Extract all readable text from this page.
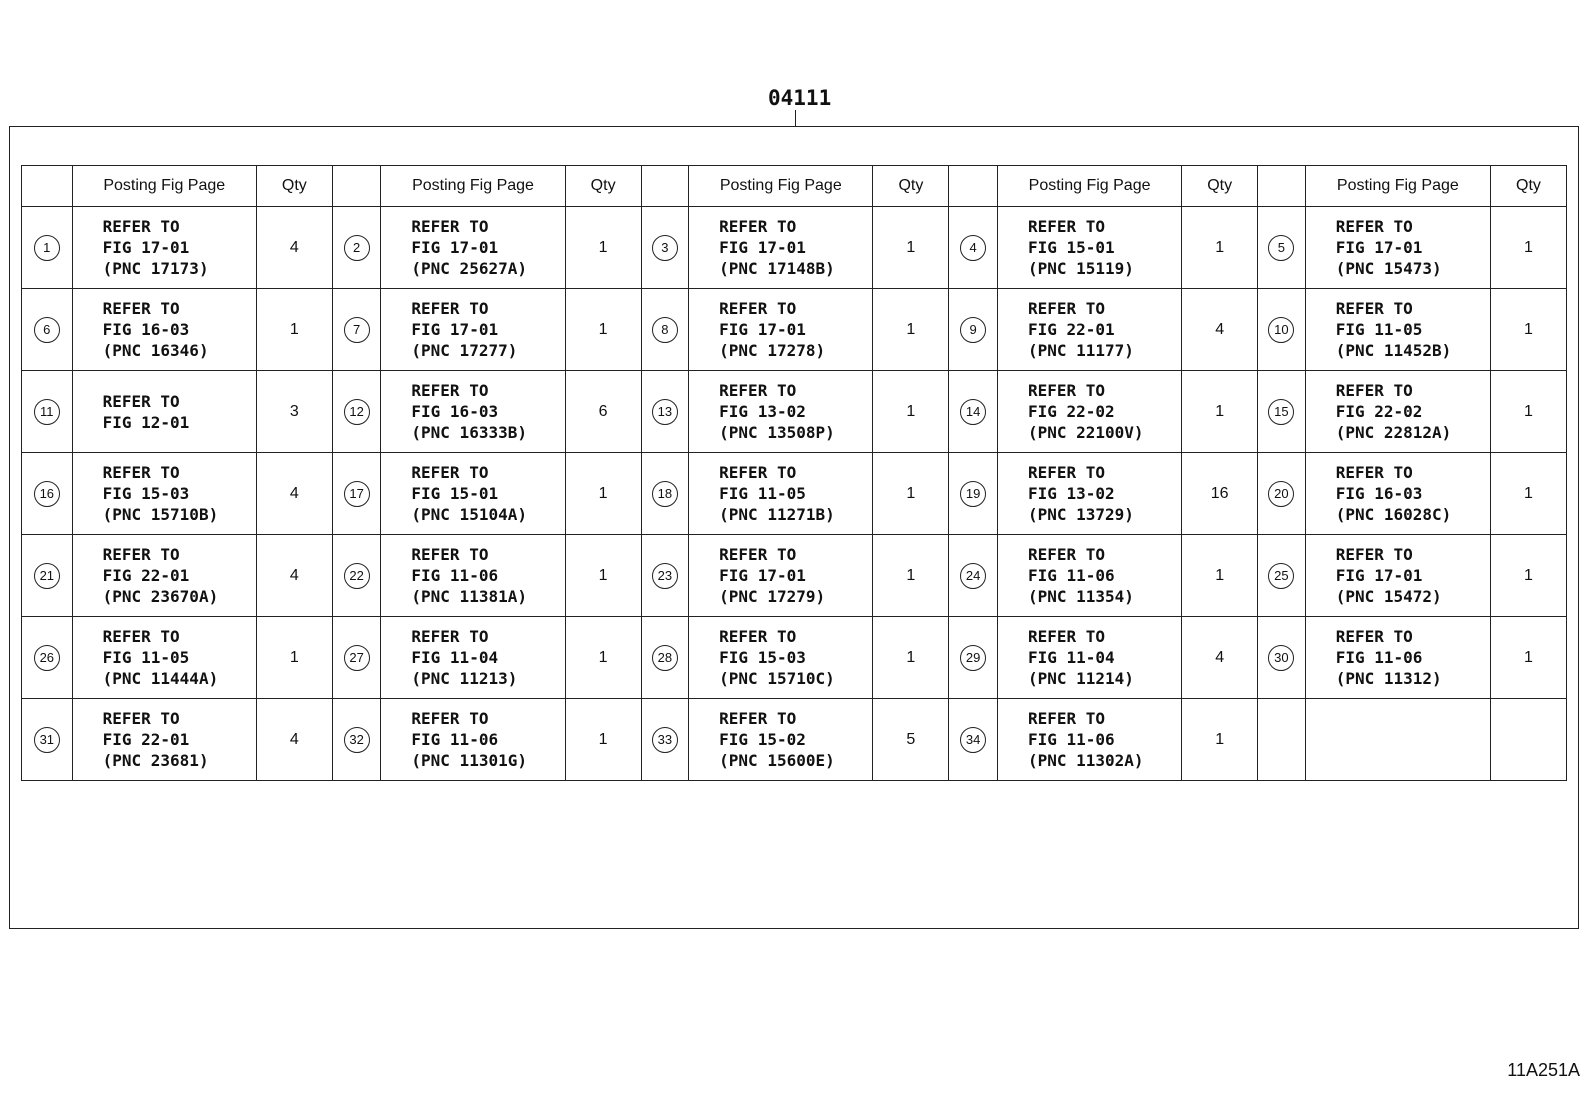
04111
	Posting Fig Page	Qty		Posting Fig Page	Qty		Posting Fig Page	Qty		Posting Fig Page	Qty		Posting Fig Page	Qty
1	REFER TO
FIG 17-01
(PNC 17173)	4	2	REFER TO
FIG 17-01
(PNC 25627A)	1	3	REFER TO
FIG 17-01
(PNC 17148B)	1	4	REFER TO
FIG 15-01
(PNC 15119)	1	5	REFER TO
FIG 17-01
(PNC 15473)	1
6	REFER TO
FIG 16-03
(PNC 16346)	1	7	REFER TO
FIG 17-01
(PNC 17277)	1	8	REFER TO
FIG 17-01
(PNC 17278)	1	9	REFER TO
FIG 22-01
(PNC 11177)	4	10	REFER TO
FIG 11-05
(PNC 11452B)	1
11	REFER TO
FIG 12-01	3	12	REFER TO
FIG 16-03
(PNC 16333B)	6	13	REFER TO
FIG 13-02
(PNC 13508P)	1	14	REFER TO
FIG 22-02
(PNC 22100V)	1	15	REFER TO
FIG 22-02
(PNC 22812A)	1
16	REFER TO
FIG 15-03
(PNC 15710B)	4	17	REFER TO
FIG 15-01
(PNC 15104A)	1	18	REFER TO
FIG 11-05
(PNC 11271B)	1	19	REFER TO
FIG 13-02
(PNC 13729)	16	20	REFER TO
FIG 16-03
(PNC 16028C)	1
21	REFER TO
FIG 22-01
(PNC 23670A)	4	22	REFER TO
FIG 11-06
(PNC 11381A)	1	23	REFER TO
FIG 17-01
(PNC 17279)	1	24	REFER TO
FIG 11-06
(PNC 11354)	1	25	REFER TO
FIG 17-01
(PNC 15472)	1
26	REFER TO
FIG 11-05
(PNC 11444A)	1	27	REFER TO
FIG 11-04
(PNC 11213)	1	28	REFER TO
FIG 15-03
(PNC 15710C)	1	29	REFER TO
FIG 11-04
(PNC 11214)	4	30	REFER TO
FIG 11-06
(PNC 11312)	1
31	REFER TO
FIG 22-01
(PNC 23681)	4	32	REFER TO
FIG 11-06
(PNC 11301G)	1	33	REFER TO
FIG 15-02
(PNC 15600E)	5	34	REFER TO
FIG 11-06
(PNC 11302A)	1			
11A251A
